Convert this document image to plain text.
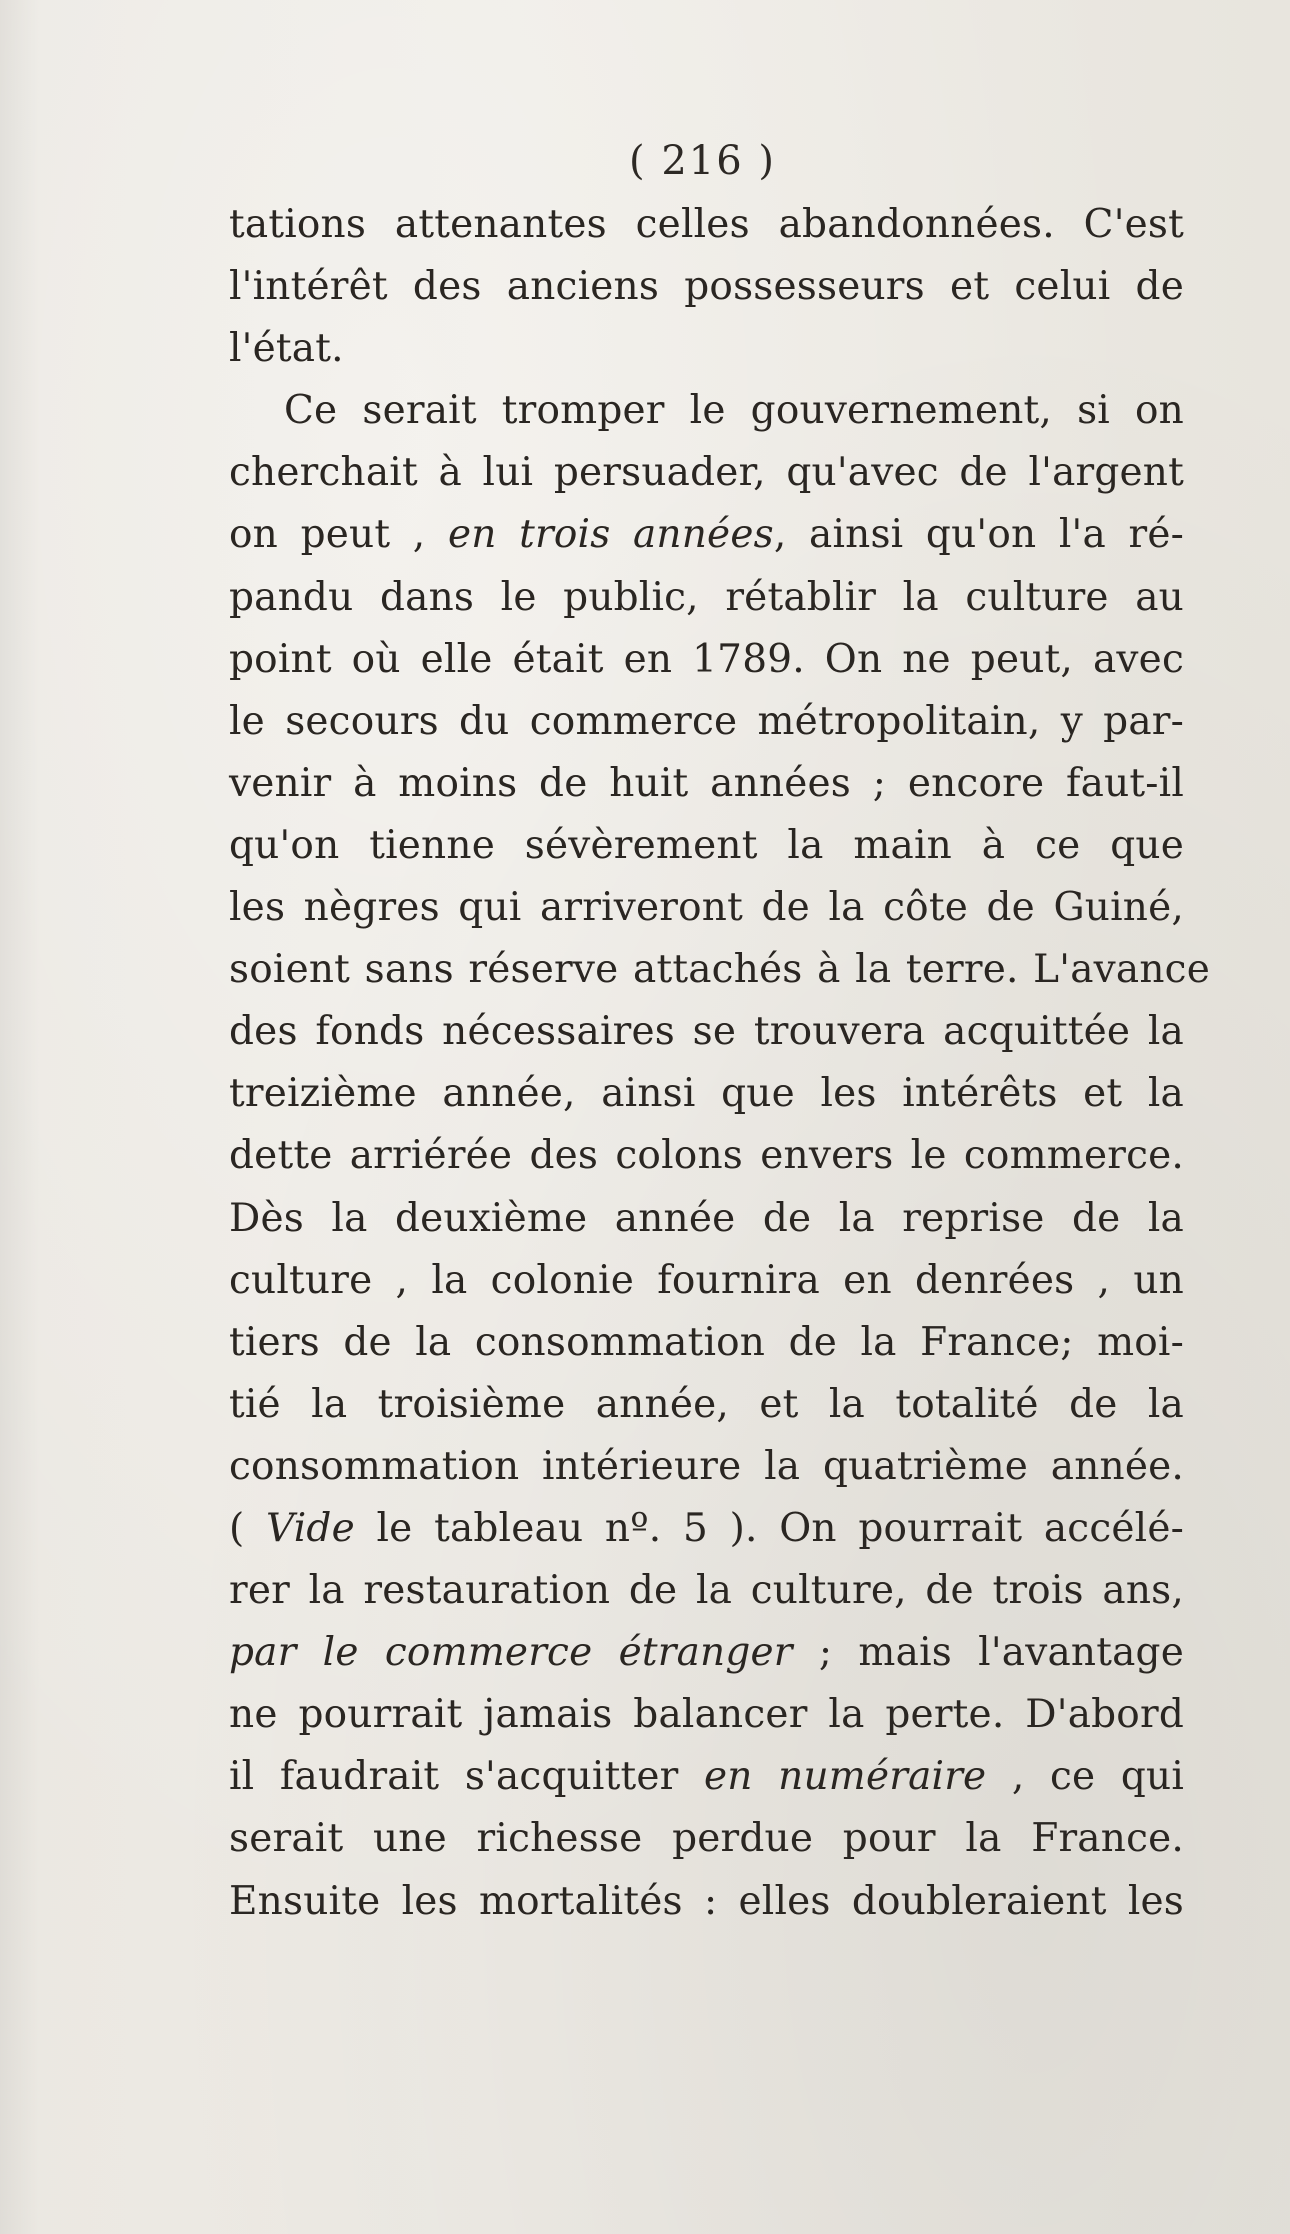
( 216 )
tations attenantes celles abandonnées. C'est
l'intérêt des anciens possesseurs et celui de
l'état.
Ce serait tromper le gouvernement, si on
cherchait à lui persuader, qu'avec de l'argent
on peut , en trois années, ainsi qu'on l'a ré-
pandu dans le public, rétablir la culture au
point où elle était en 1789. On ne peut, avec
le secours du commerce métropolitain, y par-
venir à moins de huit années ; encore faut-il
qu'on tienne sévèrement la main à ce que
les nègres qui arriveront de la côte de Guiné,
soient sans réserve attachés à la terre. L'avance
des fonds nécessaires se trouvera acquittée la
treizième année, ainsi que les intérêts et la
dette arriérée des colons envers le commerce.
Dès la deuxième année de la reprise de la
culture , la colonie fournira en denrées , un
tiers de la consommation de la France; moi-
tié la troisième année, et la totalité de la
consommation intérieure la quatrième année.
( Vide le tableau nº. 5 ). On pourrait accélé-
rer la restauration de la culture, de trois ans,
par le commerce étranger ; mais l'avantage
ne pourrait jamais balancer la perte. D'abord
il faudrait s'acquitter en numéraire , ce qui
serait une richesse perdue pour la France.
Ensuite les mortalités : elles doubleraient les
